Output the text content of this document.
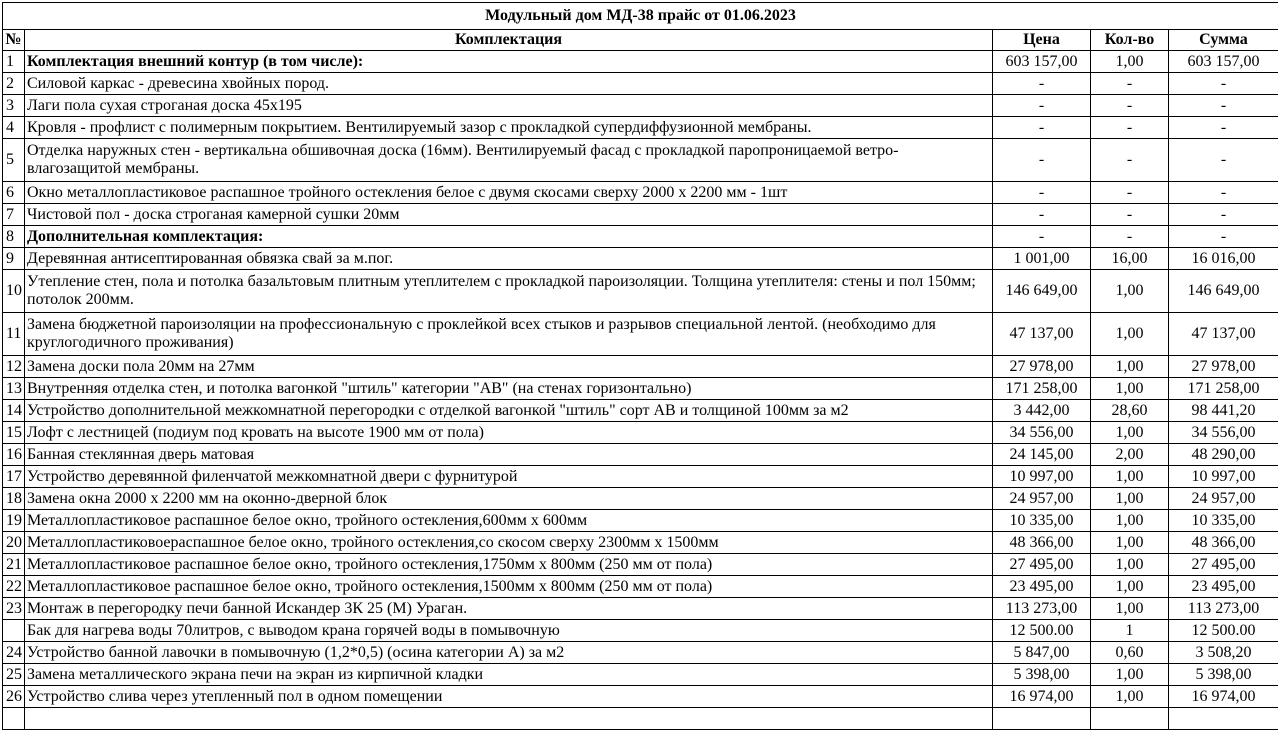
Модульный дом МД-38 прайс от 01.06.2023				
№	Комплектация	Цена	Кол-во	Сумма
1	Комплектация внешний контур (в том числе):	603 157,00	1,00	603 157,00
2	Силовой каркас - древесина хвойных пород.	-	-	-
3	Лаги пола сухая строганая доска 45х195	-	-	-
4	Кровля - профлист с полимерным покрытием. Вентилируемый зазор с прокладкой супердиффузионной мембраны.	-	-	-
5	Отделка наружных стен - вертикальна обшивочная доска (16мм). Вентилируемый фасад с прокладкой паропроницаемой ветро-влагозащитой мембраны.	-	-	-
6	Окно металлопластиковое распашное тройного остекления белое с двумя скосами сверху 2000 х 2200 мм - 1шт	-	-	-
7	Чистовой пол - доска строганая камерной сушки 20мм	-	-	-
8	Дополнительная комплектация:	-	-	-
9	Деревянная антисептированная обвязка свай за м.пог.	1 001,00	16,00	16 016,00
10	Утепление стен, пола и потолка базальтовым плитным утеплителем с прокладкой пароизоляции. Толщина утеплителя: стены и пол 150мм; потолок 200мм.	146 649,00	1,00	146 649,00
11	Замена бюджетной пароизоляции на профессиональную с проклейкой всех стыков и разрывов специальной лентой. (необходимо для круглогодичного проживания)	47 137,00	1,00	47 137,00
12	Замена доски пола 20мм на 27мм	27 978,00	1,00	27 978,00
13	Внутренняя отделка стен, и потолка вагонкой "штиль" категории "АВ" (на стенах горизонтально)	171 258,00	1,00	171 258,00
14	Устройство дополнительной межкомнатной перегородки с отделкой вагонкой "штиль" сорт АВ и толщиной 100мм за м2	3 442,00	28,60	98 441,20
15	Лофт с лестницей (подиум под кровать на высоте 1900 мм от пола)	34 556,00	1,00	34 556,00
16	Банная стеклянная дверь матовая	24 145,00	2,00	48 290,00
17	Устройство деревянной филенчатой межкомнатной двери с фурнитурой	10 997,00	1,00	10 997,00
18	Замена окна 2000 х 2200 мм на оконно-дверной блок	24 957,00	1,00	24 957,00
19	Металлопластиковое распашное белое окно, тройного остекления,600мм х 600мм	10 335,00	1,00	10 335,00
20	Металлопластиковоераспашное белое окно, тройного остекления,со скосом сверху 2300мм х 1500мм	48 366,00	1,00	48 366,00
21	Металлопластиковое распашное белое окно, тройного остекления,1750мм х 800мм (250 мм от пола)	27 495,00	1,00	27 495,00
22	Металлопластиковое распашное белое окно, тройного остекления,1500мм х 800мм (250 мм от пола)	23 495,00	1,00	23 495,00
23	Монтаж в перегородку печи банной Искандер 3К 25 (М) Ураган.	113 273,00	1,00	113 273,00
	Бак для нагрева воды 70литров, с выводом крана горячей воды в помывочную	12 500.00	1	12 500.00
24	Устройство банной лавочки в помывочную (1,2*0,5) (осина категории А) за м2	5 847,00	0,60	3 508,20
25	Замена металлического экрана печи на экран из кирпичной кладки	5 398,00	1,00	5 398,00
26	Устройство слива через утепленный пол в одном помещении	16 974,00	1,00	16 974,00
